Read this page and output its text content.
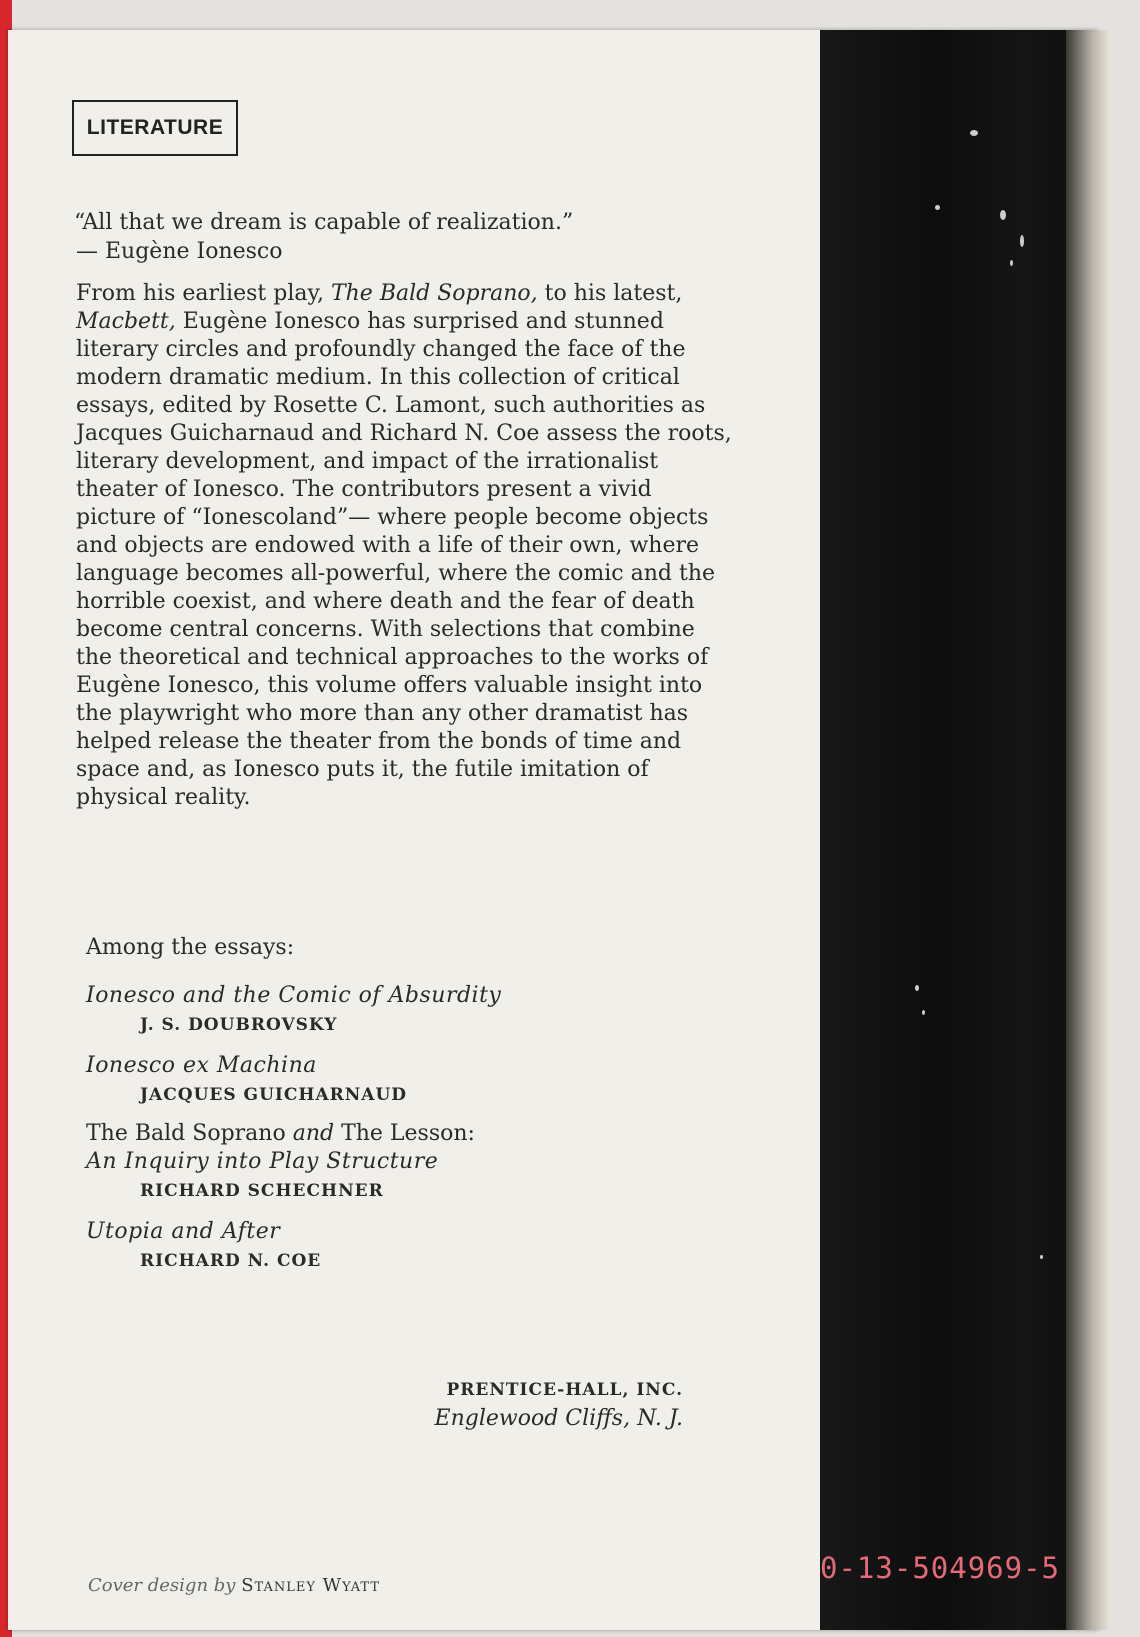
0-13-504969-5
LITERATURE
“All that we dream is capable of realization.”
— Eugène Ionesco
From his earliest play, The Bald Soprano, to his latest, Macbett, Eugène Ionesco has surprised and stunned literary circles and profoundly changed the face of the modern dramatic medium. In this collection of critical essays, edited by Rosette C. Lamont, such authorities as Jacques Guicharnaud and Richard N. Coe assess the roots, literary development, and impact of the irrationalist theater of Ionesco. The contributors present a vivid picture of “Ionescoland”— where people become objects and objects are endowed with a life of their own, where language becomes all-powerful, where the comic and the horrible coexist, and where death and the fear of death become central concerns. With selections that combine the theoretical and technical approaches to the works of Eugène Ionesco, this volume offers valuable insight into the playwright who more than any other dramatist has helped release the theater from the bonds of time and space and, as Ionesco puts it, the futile imitation of physical reality.
Among the essays:
Ionesco and the Comic of Absurdity
J. S. DOUBROVSKY
Ionesco ex Machina
JACQUES GUICHARNAUD
The Bald Soprano and The Lesson:
An Inquiry into Play Structure
RICHARD SCHECHNER
Utopia and After
RICHARD N. COE
PRENTICE-HALL, INC.
Englewood Cliffs, N. J.
Cover design by Stanley Wyatt
